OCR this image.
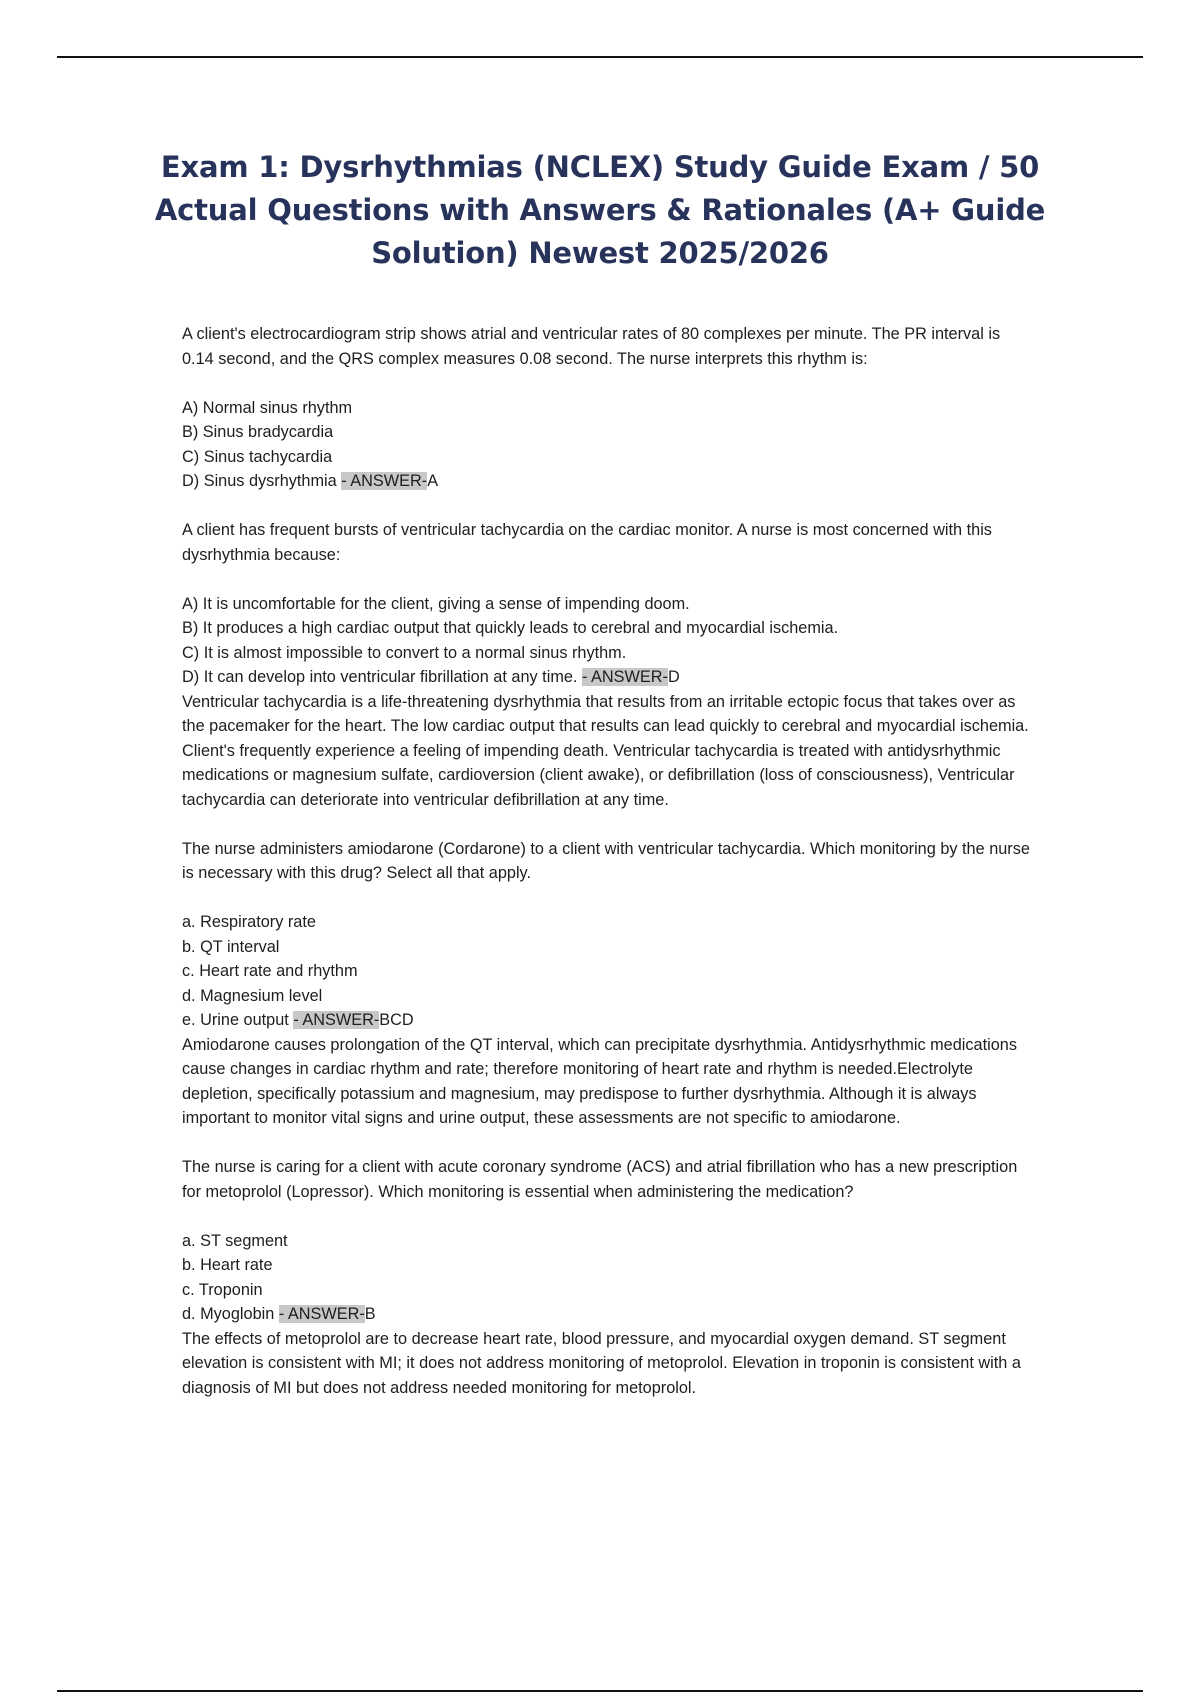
Exam 1: Dysrhythmias (NCLEX) Study Guide Exam / 50 Actual Questions with Answers & Rationales (A+ Guide Solution) Newest 2025/2026

A client's electrocardiogram strip shows atrial and ventricular rates of 80 complexes per minute. The PR interval is 0.14 second, and the QRS complex measures 0.08 second. The nurse interprets this rhythm is:

A) Normal sinus rhythm

B) Sinus bradycardia

C) Sinus tachycardia

D) Sinus dysrhythmia - ANSWER-A

A client has frequent bursts of ventricular tachycardia on the cardiac monitor. A nurse is most concerned with this dysrhythmia because:

A) It is uncomfortable for the client, giving a sense of impending doom.

B) It produces a high cardiac output that quickly leads to cerebral and myocardial ischemia.

C) It is almost impossible to convert to a normal sinus rhythm.

D) It can develop into ventricular fibrillation at any time. - ANSWER-D

Ventricular tachycardia is a life-threatening dysrhythmia that results from an irritable ectopic focus that takes over as the pacemaker for the heart. The low cardiac output that results can lead quickly to cerebral and myocardial ischemia. Client's frequently experience a feeling of impending death. Ventricular tachycardia is treated with antidysrhythmic medications or magnesium sulfate, cardioversion (client awake), or defibrillation (loss of consciousness), Ventricular tachycardia can deteriorate into ventricular defibrillation at any time.

The nurse administers amiodarone (Cordarone) to a client with ventricular tachycardia. Which monitoring by the nurse is necessary with this drug? Select all that apply.

a. Respiratory rate

b. QT interval

c. Heart rate and rhythm

d. Magnesium level

e. Urine output - ANSWER-BCD

Amiodarone causes prolongation of the QT interval, which can precipitate dysrhythmia. Antidysrhythmic medications cause changes in cardiac rhythm and rate; therefore monitoring of heart rate and rhythm is needed.Electrolyte depletion, specifically potassium and magnesium, may predispose to further dysrhythmia. Although it is always important to monitor vital signs and urine output, these assessments are not specific to amiodarone.

The nurse is caring for a client with acute coronary syndrome (ACS) and atrial fibrillation who has a new prescription for metoprolol (Lopressor). Which monitoring is essential when administering the medication?

a. ST segment

b. Heart rate

c. Troponin

d. Myoglobin - ANSWER-B

The effects of metoprolol are to decrease heart rate, blood pressure, and myocardial oxygen demand. ST segment elevation is consistent with MI; it does not address monitoring of metoprolol. Elevation in troponin is consistent with a diagnosis of MI but does not address needed monitoring for metoprolol.
